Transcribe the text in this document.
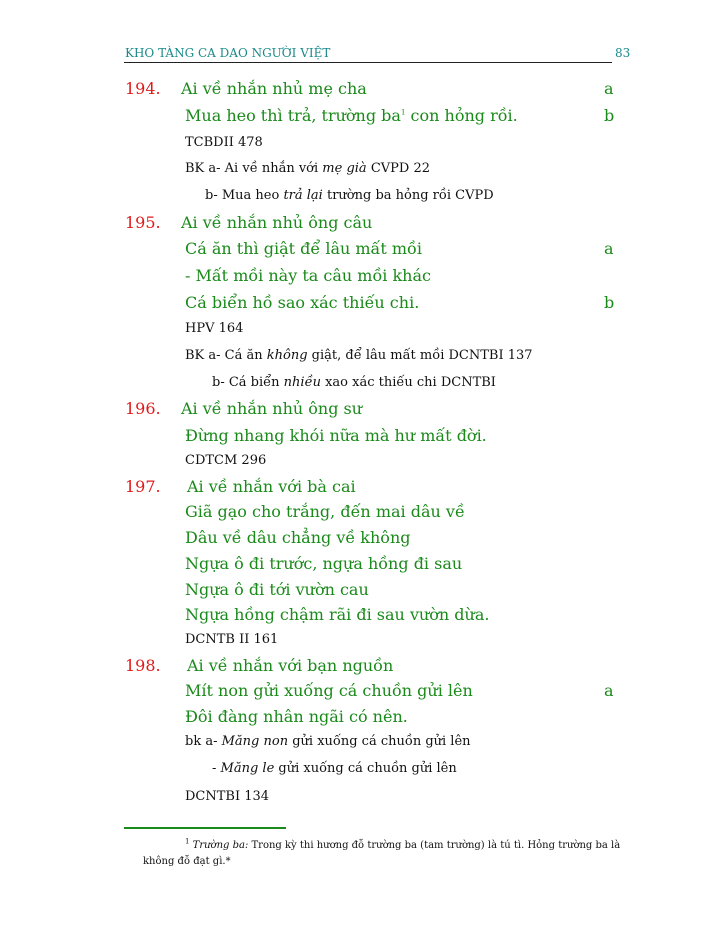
KHO TÀNG CA DAO NGƯỜI VIỆT	83
194. Ai về nhắn nhủ mẹ cha	a
Mua heo thì trả, trường $ba^1$ con hỏng rồi.	b
TCBDII 478
BK a- Ai về nhắn với mẹ già CVPD 22
b- Mua heo trả lại trường ba hỏng rồi CVPD
195. Ai về nhắn nhủ ông câu
Cá ăn thì giật để lâu mất mồi	a
- Mất mồi này ta câu mồi khác
Cá biển hồ sao xác thiếu chi.	b
HPV 164
BK a- Cá ăn không giật, để lâu mất mồi DCNTBI 137
b- Cá biển nhiều xao xác thiếu chi DCNTBI
196. Ai về nhắn nhủ ông sư
Đừng nhang khói nữa mà hư mất đời.
CDTCM 296
197. Ai về nhắn với bà cai
Giã gạo cho trắng, đến mai dâu về
Dâu về dâu chẳng về không
Ngựa ô đi trước, ngựa hồng đi sau
Ngựa ô đi tới vườn cau
Ngựa hồng chậm rãi đi sau vườn dừa.
DCNTB II 161
198. Ai về nhắn với bạn nguồn
Mít non gửi xuống cá chuồn gửi lên	a
Đôi đàng nhân ngãi có nên.
bk a- Măng non gửi xuống cá chuồn gửi lên
- Măng le gửi xuống cá chuồn gửi lên
DCNTBI 134
$^1$ Trường ba: Trong kỳ thi hương đỗ trường ba (tam trường) là tú tì. Hỏng trường ba là không đỗ đạt gì.*
